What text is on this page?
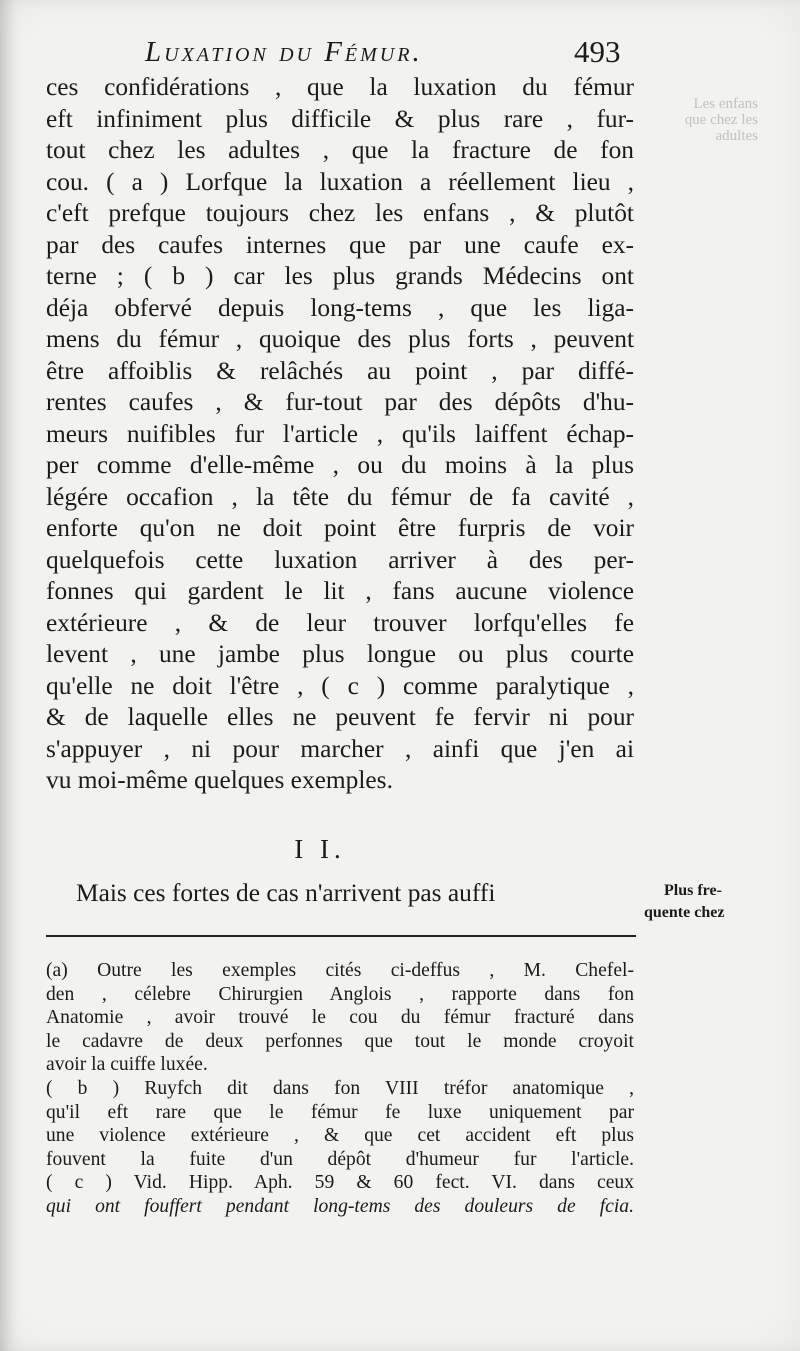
Luxation du Fémur.	493
Les enfans
que chez les
adultes
ces confidérations , que la luxation du fémur
eft infiniment plus difficile & plus rare , fur-
tout chez les adultes , que la fracture de fon
cou. ( a ) Lorfque la luxation a réellement lieu ,
c'eft prefque toujours chez les enfans , & plutôt
par des caufes internes que par une caufe ex-
terne ; ( b ) car les plus grands Médecins ont
déja obfervé depuis long-tems , que les liga-
mens du fémur , quoique des plus forts , peuvent
être affoiblis & relâchés au point , par diffé-
rentes caufes , & fur-tout par des dépôts d'hu-
meurs nuifibles fur l'article , qu'ils laiffent échap-
per comme d'elle-même , ou du moins à la plus
légére occafion , la tête du fémur de fa cavité ,
enforte qu'on ne doit point être furpris de voir
quelquefois cette luxation arriver à des per-
fonnes qui gardent le lit , fans aucune violence
extérieure , & de leur trouver lorfqu'elles fe
levent , une jambe plus longue ou plus courte
qu'elle ne doit l'être , ( c ) comme paralytique ,
& de laquelle elles ne peuvent fe fervir ni pour
s'appuyer , ni pour marcher , ainfi que j'en ai
vu moi-même quelques exemples.
I I.
Mais ces fortes de cas n'arrivent pas auffi	Plus fre-
quente chez
(a) Outre les exemples cités ci-deffus , M. Chefel-
den , célebre Chirurgien Anglois , rapporte dans fon
Anatomie , avoir trouvé le cou du fémur fracturé dans
le cadavre de deux perfonnes que tout le monde croyoit
avoir la cuiffe luxée.
( b ) Ruyfch dit dans fon VIII tréfor anatomique ,
qu'il eft rare que le fémur fe luxe uniquement par
une violence extérieure , & que cet accident eft plus
fouvent la fuite d'un dépôt d'humeur fur l'article.
( c ) Vid. Hipp. Aph. 59 & 60 fect. VI. dans ceux
qui ont fouffert pendant long-tems des douleurs de fcia.
